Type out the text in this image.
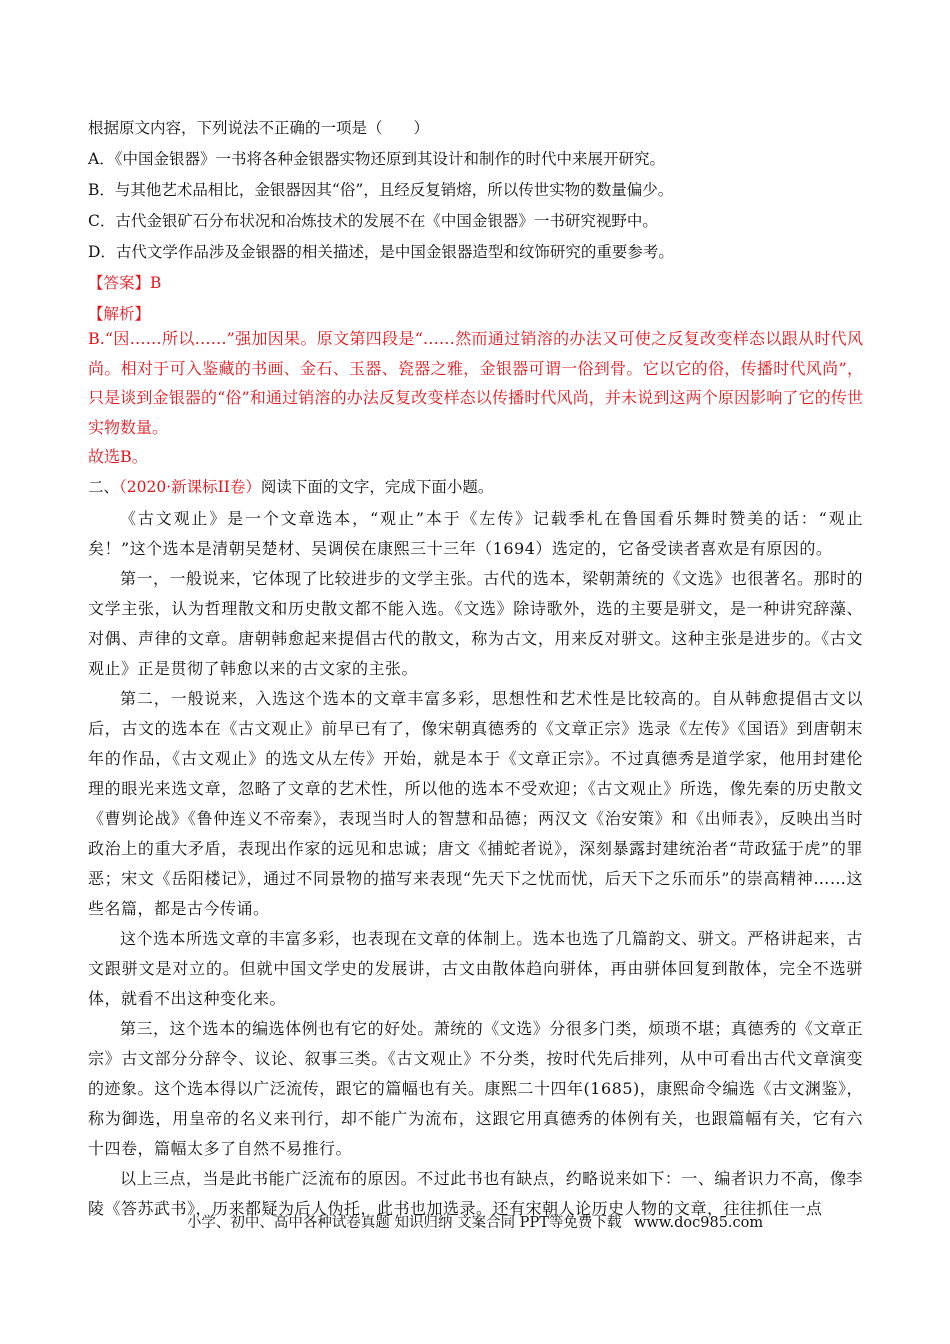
根据原文内容，下列说法不正确的一项是（　　）
A．《中国金银器》一书将各种金银器实物还原到其设计和制作的时代中来展开研究。
B．与其他艺术品相比，金银器因其“俗”，且经反复销熔，所以传世实物的数量偏少。
C．古代金银矿石分布状况和冶炼技术的发展不在《中国金银器》一书研究视野中。
D．古代文学作品涉及金银器的相关描述，是中国金银器造型和纹饰研究的重要参考。
【答案】B
【解析】
B.“因……所以……”强加因果。原文第四段是“……然而通过销溶的办法又可使之反复改变样态以跟从时代风尚。相对于可入鉴藏的书画、金石、玉器、瓷器之雅，金银器可谓一俗到骨。它以它的俗，传播时代风尚”，只是谈到金银器的“俗”和通过销溶的办法反复改变样态以传播时代风尚，并未说到这两个原因影响了它的传世实物数量。
故选B。
二、（2020·新课标II卷）阅读下面的文字，完成下面小题。

《古文观止》是一个文章选本，“观止”本于《左传》记载季札在鲁国看乐舞时赞美的话：“观止矣！”这个选本是清朝吴楚材、吴调侯在康熙三十三年（1694）选定的，它备受读者喜欢是有原因的。

第一，一般说来，它体现了比较进步的文学主张。古代的选本，梁朝萧统的《文选》也很著名。那时的文学主张，认为哲理散文和历史散文都不能入选。《文选》除诗歌外，选的主要是骈文，是一种讲究辞藻、对偶、声律的文章。唐朝韩愈起来提倡古代的散文，称为古文，用来反对骈文。这种主张是进步的。《古文观止》正是贯彻了韩愈以来的古文家的主张。

第二，一般说来，入选这个选本的文章丰富多彩，思想性和艺术性是比较高的。自从韩愈提倡古文以后，古文的选本在《古文观止》前早已有了，像宋朝真德秀的《文章正宗》选录《左传》《国语》到唐朝末年的作品，《古文观止》的选文从左传》开始，就是本于《文章正宗》。不过真德秀是道学家，他用封建伦理的眼光来选文章，忽略了文章的艺术性，所以他的选本不受欢迎；《古文观止》所选，像先秦的历史散文《曹刿论战》《鲁仲连义不帝秦》，表现当时人的智慧和品德；两汉文《治安策》和《出师表》，反映出当时政治上的重大矛盾，表现出作家的远见和忠诚；唐文《捕蛇者说》，深刻暴露封建统治者“苛政猛于虎”的罪恶；宋文《岳阳楼记》，通过不同景物的描写来表现“先天下之忧而忧，后天下之乐而乐”的崇高精神……这些名篇，都是古今传诵。

这个选本所选文章的丰富多彩，也表现在文章的体制上。选本也选了几篇韵文、骈文。严格讲起来，古文跟骈文是对立的。但就中国文学史的发展讲，古文由散体趋向骈体，再由骈体回复到散体，完全不选骈体，就看不出这种变化来。

第三，这个选本的编选体例也有它的好处。萧统的《文选》分很多门类，烦琐不堪；真德秀的《文章正宗》古文部分分辞令、议论、叙事三类。《古文观止》不分类，按时代先后排列，从中可看出古代文章演变的迹象。这个选本得以广泛流传，跟它的篇幅也有关。康熙二十四年(1685)，康熙命令编选《古文渊鉴》，称为御选，用皇帝的名义来刊行，却不能广为流布，这跟它用真德秀的体例有关，也跟篇幅有关，它有六十四卷，篇幅太多了自然不易推行。

以上三点，当是此书能广泛流布的原因。不过此书也有缺点，约略说来如下：一、编者识力不高，像李陵《答苏武书》，历来都疑为后人伪托，此书也加选录。还有宋朝人论历史人物的文章，往往抓住一点

小学、初中、高中各种试卷真题 知识归纳 文案合同 PPT等免费下载 www.doc985.com
